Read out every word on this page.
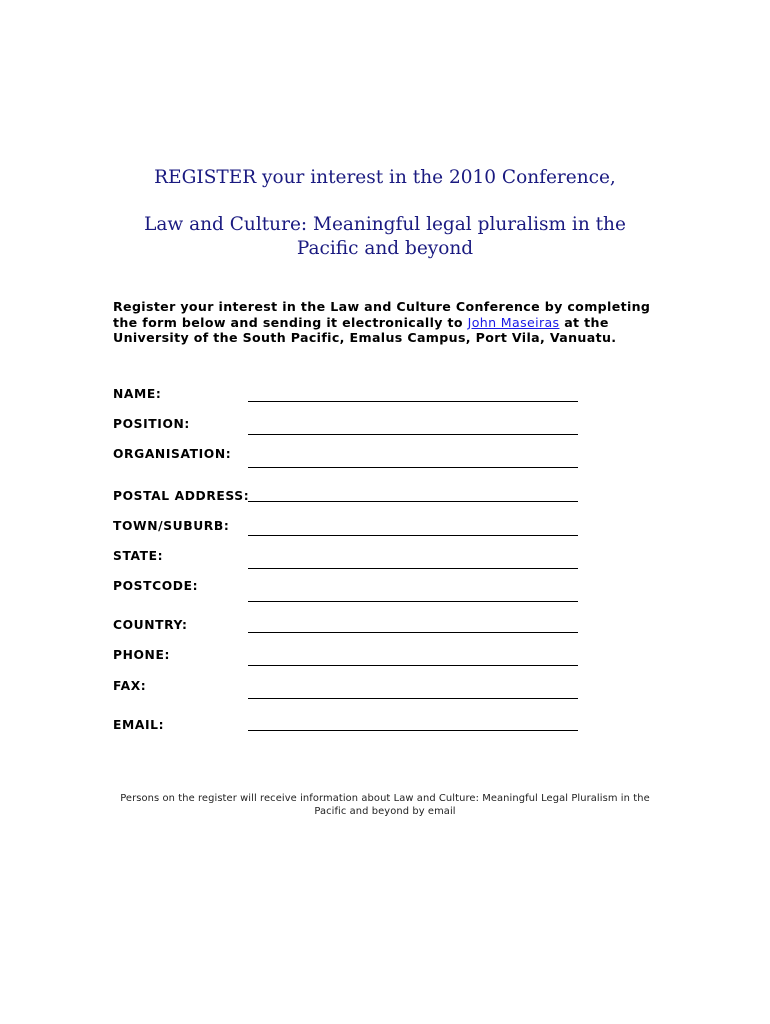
REGISTER your interest in the 2010 Conference,
Law and Culture: Meaningful legal pluralism in the Pacific and beyond
Register your interest in the Law and Culture Conference by completing the form below and sending it electronically to John Maseiras at the University of the South Pacific, Emalus Campus, Port Vila, Vanuatu.
NAME:
POSITION:
ORGANISATION:
POSTAL ADDRESS:
TOWN/SUBURB:
STATE:
POSTCODE:
COUNTRY:
PHONE:
FAX:
EMAIL:
Persons on the register will receive information about Law and Culture: Meaningful Legal Pluralism in the Pacific and beyond by email
